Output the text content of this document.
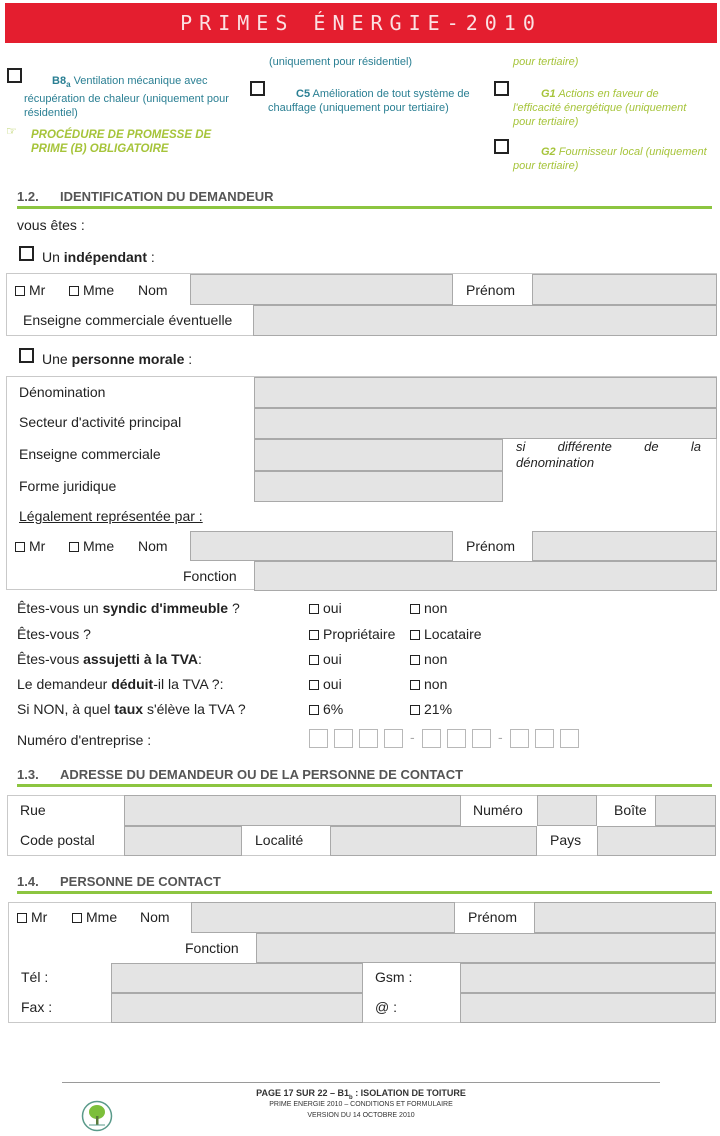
PRIMES ÉNERGIE-2010
(uniquement pour résidentiel)	pour tertiaire)
$B8_a$ Ventilation mécanique avec récupération de chaleur (uniquement pour résidentiel)
C5 Amélioration de tout système de chauffage (uniquement pour tertiaire)
G1 Actions en faveur de l'efficacité énergétique (uniquement pour tertiaire)
G2 Fournisseur local (uniquement pour tertiaire)
☞ PROCÉDURE DE PROMESSE DE
PRIME (B) OBLIGATOIRE
1.2. IDENTIFICATION DU DEMANDEUR
vous êtes :
Un indépendant :
Mr	Mme Nom	Prénom
Enseigne commerciale éventuelle
Une personne morale :
Dénomination
Secteur d'activité principal
Enseigne commerciale	si différente de la
dénomination
Forme juridique
Légalement représentée par :
Mr	Mme Nom	Prénom
Fonction
Êtes-vous un syndic d'immeuble ?	oui	non
Êtes-vous ?	Propriétaire	Locataire
Êtes-vous assujetti à la TVA:	oui	non
Le demandeur déduit-il la TVA ?:	oui	non
Si NON, à quel taux s'élève la TVA ?	6%	21%
Numéro d'entreprise :	-	-
1.3. ADRESSE DU DEMANDEUR OU DE LA PERSONNE DE CONTACT
Rue	Numéro	Boîte
Code postal	Localité	Pays
1.4. PERSONNE DE CONTACT
Mr	Mme Nom	Prénom
Fonction
Tél :	Gsm :
Fax :	@ :
PAGE 17 SUR $22 - B1_b$ : ISOLATION DE TOITURE
PRIME ENERGIE 2010 – CONDITIONS ET FORMULAIRE
VERSION DU 14 OCTOBRE 2010
